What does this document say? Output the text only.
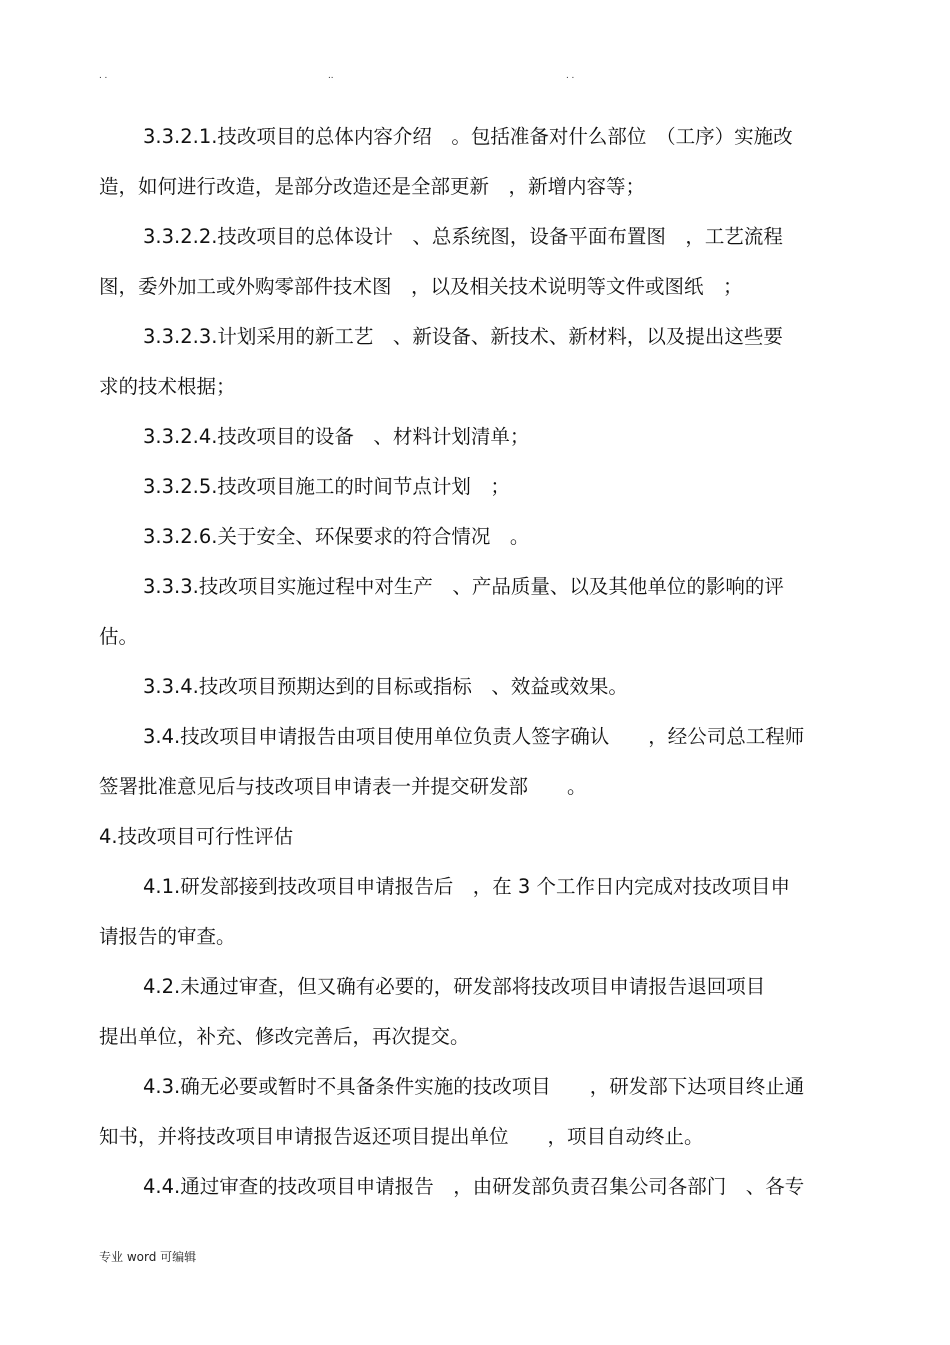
. .	..	. .

3.3.2.1.技改项目的总体内容介绍　。包括准备对什么部位　（工序）实施改

造，如何进行改造，是部分改造还是全部更新　，新增内容等；

3.3.2.2.技改项目的总体设计　、总系统图，设备平面布置图　，工艺流程

图，委外加工或外购零部件技术图　，以及相关技术说明等文件或图纸　；

3.3.2.3.计划采用的新工艺　、新设备、新技术、新材料，以及提出这些要

求的技术根据；

3.3.2.4.技改项目的设备　、材料计划清单；

3.3.2.5.技改项目施工的时间节点计划　；

3.3.2.6.关于安全、环保要求的符合情况　。

3.3.3.技改项目实施过程中对生产　、产品质量、以及其他单位的影响的评

估。

3.3.4.技改项目预期达到的目标或指标　、效益或效果。

3.4.技改项目申请报告由项目使用单位负责人签字确认　　，经公司总工程师

签署批准意见后与技改项目申请表一并提交研发部　　。

4.技改项目可行性评估

4.1.研发部接到技改项目申请报告后　，在 3 个工作日内完成对技改项目申

请报告的审查。

4.2.未通过审查，但又确有必要的，研发部将技改项目申请报告退回项目

提出单位，补充、修改完善后，再次提交。

4.3.确无必要或暂时不具备条件实施的技改项目　　，研发部下达项目终止通

知书，并将技改项目申请报告返还项目提出单位　　，项目自动终止。

4.4.通过审查的技改项目申请报告　，由研发部负责召集公司各部门　、各专

专业 word 可编辑
